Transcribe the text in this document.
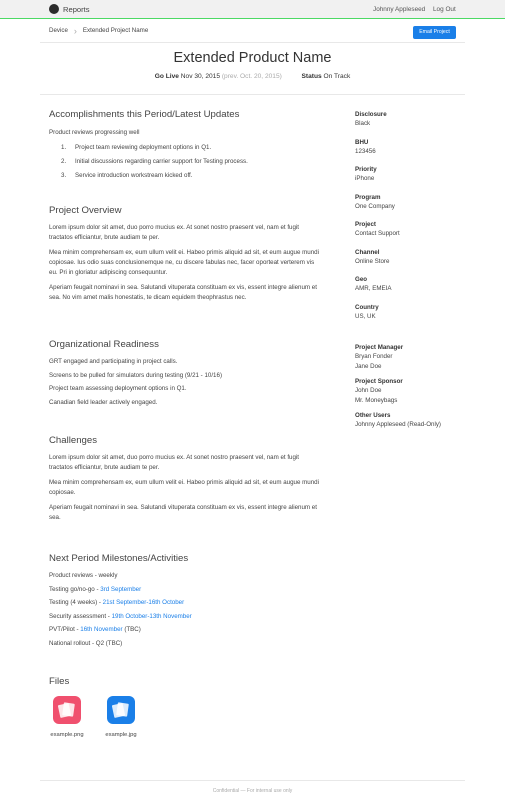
Reports	Johnny Appleseed Log Out
Device › Extended Project Name	Email Project
Extended Product Name
Go Live Nov 30, 2015 (prev. Oct. 20, 2015)	Status On Track
Accomplishments this Period/Latest Updates
Product reviews progressing well
1.	Project team reviewing deployment options in Q1.
2.	Initial discussions regarding carrier support for Testing process.
3.	Service introduction workstream kicked off.
Project Overview
Lorem ipsum dolor sit amet, duo porro mucius ex. At sonet nostro praesent vel, nam et fugit tractatos efficiantur, brute audiam te per.
Mea minim comprehensam ex, eum ullum velit ei. Habeo primis aliquid ad sit, et eum augue mundi copiosae. Ius odio suas conclusionemque ne, cu discere fabulas nec, facer oporteat verterem vis eu. Pri in gloriatur adipiscing consequuntur.
Aperiam feugait nominavi in sea. Salutandi vituperata constituam ex vis, essent integre alienum et sea. No vim amet malis honestatis, te dicam equidem theophrastus nec.
Organizational Readiness
GRT engaged and participating in project calls.
Screens to be pulled for simulators during testing (9/21 - 10/16)
Project team assessing deployment options in Q1.
Canadian field leader actively engaged.
Challenges
Lorem ipsum dolor sit amet, duo porro mucius ex. At sonet nostro praesent vel, nam et fugit tractatos efficiantur, brute audiam te per.
Mea minim comprehensam ex, eum ullum velit ei. Habeo primis aliquid ad sit, et eum augue mundi copiosae.
Aperiam feugait nominavi in sea. Salutandi vituperata constituam ex vis, essent integre alienum et sea.
Next Period Milestones/Activities
Product reviews - weekly
Testing go/no-go - 3rd September
Testing (4 weeks) - 21st September-16th October
Security assessment - 19th October-13th November
PVT/Pilot - 16th November (TBC)
National rollout - Q2 (TBC)
Files
example.png	example.jpg
Disclosure
Black
BHU
123456
Priority
iPhone
Program
One Company
Project
Contact Support
Channel
Online Store
Geo
AMR, EMEIA
Country
US, UK
Project Manager
Bryan Fonder
Jane Doe
Project Sponsor
John Doe
Mr. Moneybags
Other Users
Johnny Appleseed (Read-Only)
Confidential — For internal use only
